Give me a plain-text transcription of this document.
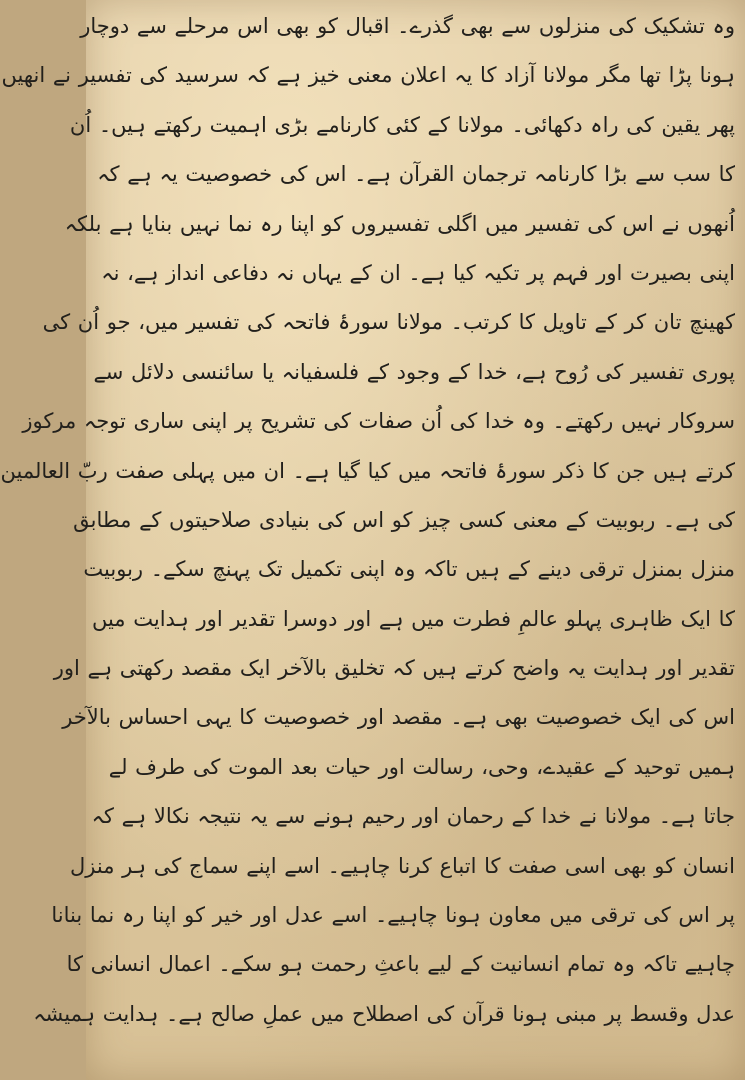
وہ تشکیک کی منزلوں سے بھی گذرے۔ اقبال کو بھی اس مرحلے سے دوچار
ہونا پڑا تھا مگر مولانا آزاد کا یہ اعلان معنی خیز ہے کہ سرسید کی تفسیر نے انھیں
پھر یقین کی راہ دکھائی۔ مولانا کے کئی کارنامے بڑی اہمیت رکھتے ہیں۔ اُن
کا سب سے بڑا کارنامہ ترجمان القرآن ہے۔ اس کی خصوصیت یہ ہے کہ
اُنھوں نے اس کی تفسیر میں اگلی تفسیروں کو اپنا رہ نما نہیں بنایا ہے بلکہ
اپنی بصیرت اور فہم پر تکیہ کیا ہے۔ ان کے یہاں نہ دفاعی انداز ہے، نہ
کھینچ تان کر کے تاویل کا کرتب۔ مولانا سورۂ فاتحہ کی تفسیر میں، جو اُن کی
پوری تفسیر کی رُوح ہے، خدا کے وجود کے فلسفیانہ یا سائنسی دلائل سے
سروکار نہیں رکھتے۔ وہ خدا کی اُن صفات کی تشریح پر اپنی ساری توجہ مرکوز
کرتے ہیں جن کا ذکر سورۂ فاتحہ میں کیا گیا ہے۔ ان میں پہلی صفت ربّ العالمین
کی ہے۔ ربوبیت کے معنی کسی چیز کو اس کی بنیادی صلاحیتوں کے مطابق
منزل بمنزل ترقی دینے کے ہیں تاکہ وہ اپنی تکمیل تک پہنچ سکے۔ ربوبیت
کا ایک ظاہری پہلو عالمِ فطرت میں ہے اور دوسرا تقدیر اور ہدایت میں
تقدیر اور ہدایت یہ واضح کرتے ہیں کہ تخلیق بالآخر ایک مقصد رکھتی ہے اور
اس کی ایک خصوصیت بھی ہے۔ مقصد اور خصوصیت کا یہی احساس بالآخر
ہمیں توحید کے عقیدے، وحی، رسالت اور حیات بعد الموت کی طرف لے
جاتا ہے۔ مولانا نے خدا کے رحمان اور رحیم ہونے سے یہ نتیجہ نکالا ہے کہ
انسان کو بھی اسی صفت کا اتباع کرنا چاہیے۔ اسے اپنے سماج کی ہر منزل
پر اس کی ترقی میں معاون ہونا چاہیے۔ اسے عدل اور خیر کو اپنا رہ نما بنانا
چاہیے تاکہ وہ تمام انسانیت کے لیے باعثِ رحمت ہو سکے۔ اعمال انسانی کا
عدل وقسط پر مبنی ہونا قرآن کی اصطلاح میں عملِ صالح ہے۔ ہدایت ہمیشہ
